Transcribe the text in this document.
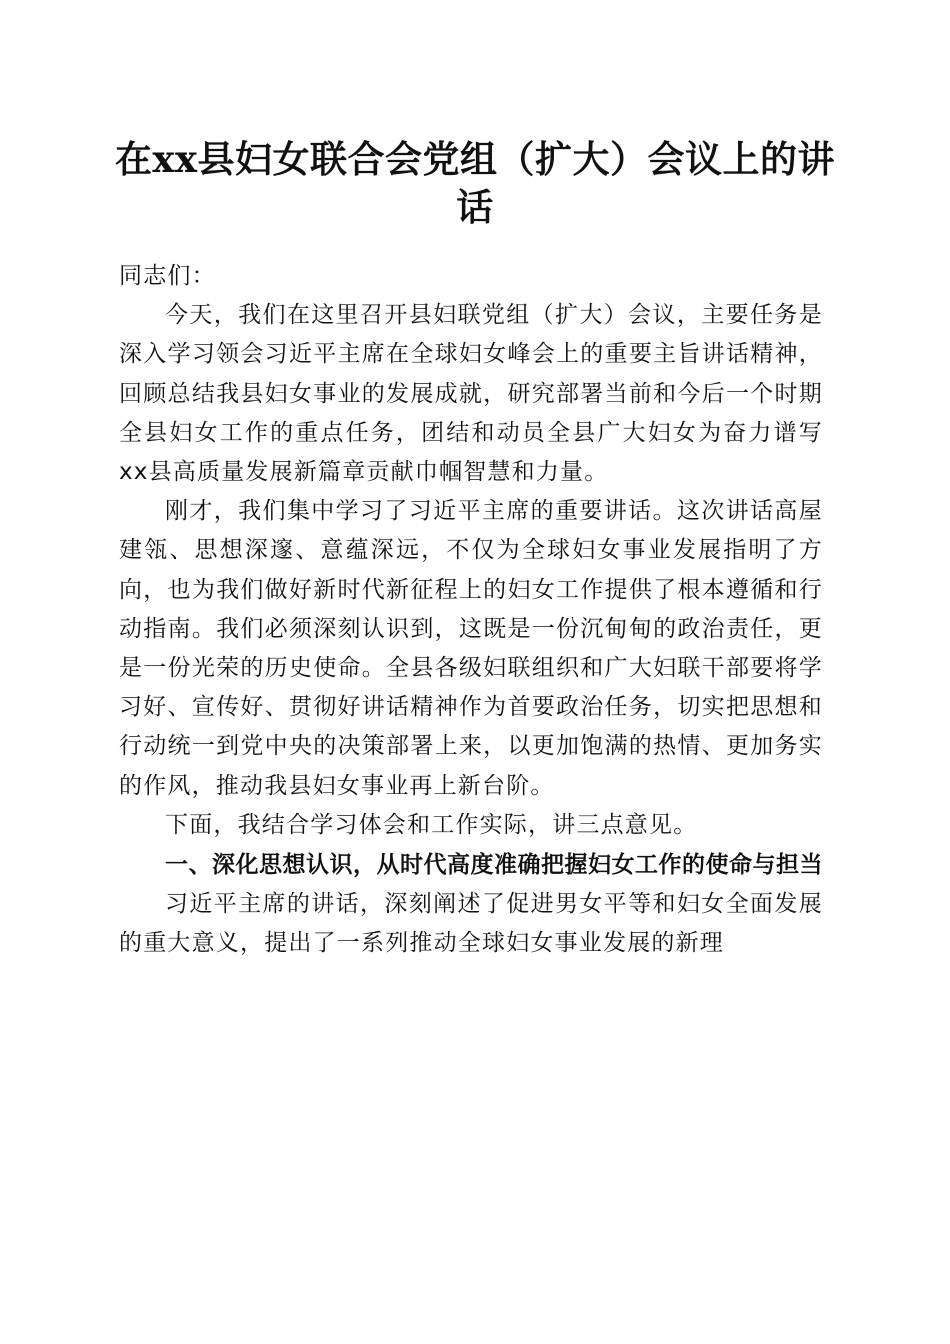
在xx县妇女联合会党组（扩大）会议上的讲话

同志们：

今天，我们在这里召开县妇联党组（扩大）会议，主要任务是深入学习领会习近平主席在全球妇女峰会上的重要主旨讲话精神，回顾总结我县妇女事业的发展成就，研究部署当前和今后一个时期全县妇女工作的重点任务，团结和动员全县广大妇女为奋力谱写xx县高质量发展新篇章贡献巾帼智慧和力量。

刚才，我们集中学习了习近平主席的重要讲话。这次讲话高屋建瓴、思想深邃、意蕴深远，不仅为全球妇女事业发展指明了方向，也为我们做好新时代新征程上的妇女工作提供了根本遵循和行动指南。我们必须深刻认识到，这既是一份沉甸甸的政治责任，更是一份光荣的历史使命。全县各级妇联组织和广大妇联干部要将学习好、宣传好、贯彻好讲话精神作为首要政治任务，切实把思想和行动统一到党中央的决策部署上来，以更加饱满的热情、更加务实的作风，推动我县妇女事业再上新台阶。

下面，我结合学习体会和工作实际，讲三点意见。

一、深化思想认识，从时代高度准确把握妇女工作的使命与担当

习近平主席的讲话，深刻阐述了促进男女平等和妇女全面发展的重大意义，提出了一系列推动全球妇女事业发展的新理
